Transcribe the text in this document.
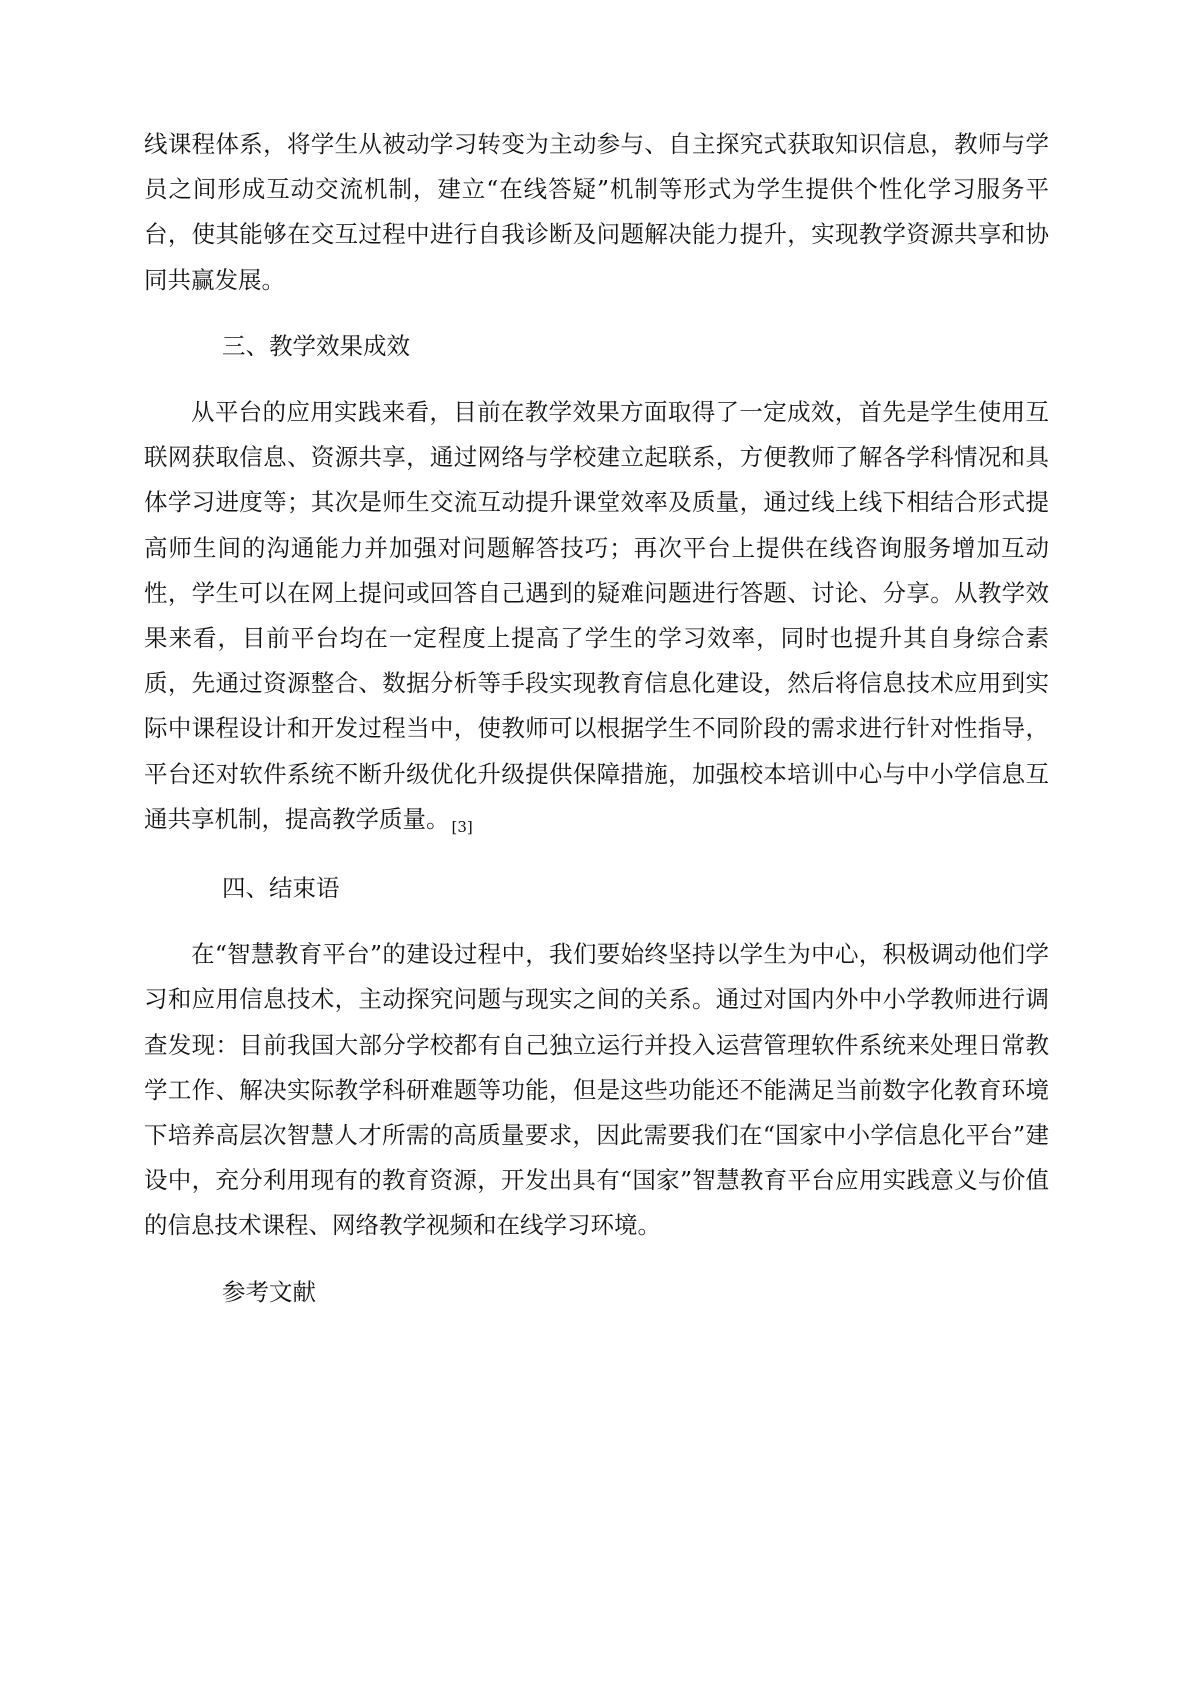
线课程体系，将学生从被动学习转变为主动参与、自主探究式获取知识信息，教师与学员之间形成互动交流机制，建立“在线答疑”机制等形式为学生提供个性化学习服务平台，使其能够在交互过程中进行自我诊断及问题解决能力提升，实现教学资源共享和协同共赢发展。

三、教学效果成效

从平台的应用实践来看，目前在教学效果方面取得了一定成效，首先是学生使用互联网获取信息、资源共享，通过网络与学校建立起联系，方便教师了解各学科情况和具体学习进度等；其次是师生交流互动提升课堂效率及质量，通过线上线下相结合形式提高师生间的沟通能力并加强对问题解答技巧；再次平台上提供在线咨询服务增加互动性，学生可以在网上提问或回答自己遇到的疑难问题进行答题、讨论、分享。从教学效果来看，目前平台均在一定程度上提高了学生的学习效率，同时也提升其自身综合素质，先通过资源整合、数据分析等手段实现教育信息化建设，然后将信息技术应用到实际中课程设计和开发过程当中，使教师可以根据学生不同阶段的需求进行针对性指导，平台还对软件系统不断升级优化升级提供保障措施，加强校本培训中心与中小学信息互通共享机制，提高教学质量。 $_{[3]}$

四、结束语

在“智慧教育平台”的建设过程中，我们要始终坚持以学生为中心，积极调动他们学习和应用信息技术，主动探究问题与现实之间的关系。通过对国内外中小学教师进行调查发现：目前我国大部分学校都有自己独立运行并投入运营管理软件系统来处理日常教学工作、解决实际教学科研难题等功能，但是这些功能还不能满足当前数字化教育环境下培养高层次智慧人才所需的高质量要求，因此需要我们在“国家中小学信息化平台”建设中，充分利用现有的教育资源，开发出具有“国家”智慧教育平台应用实践意义与价值的信息技术课程、网络教学视频和在线学习环境。

参考文献
